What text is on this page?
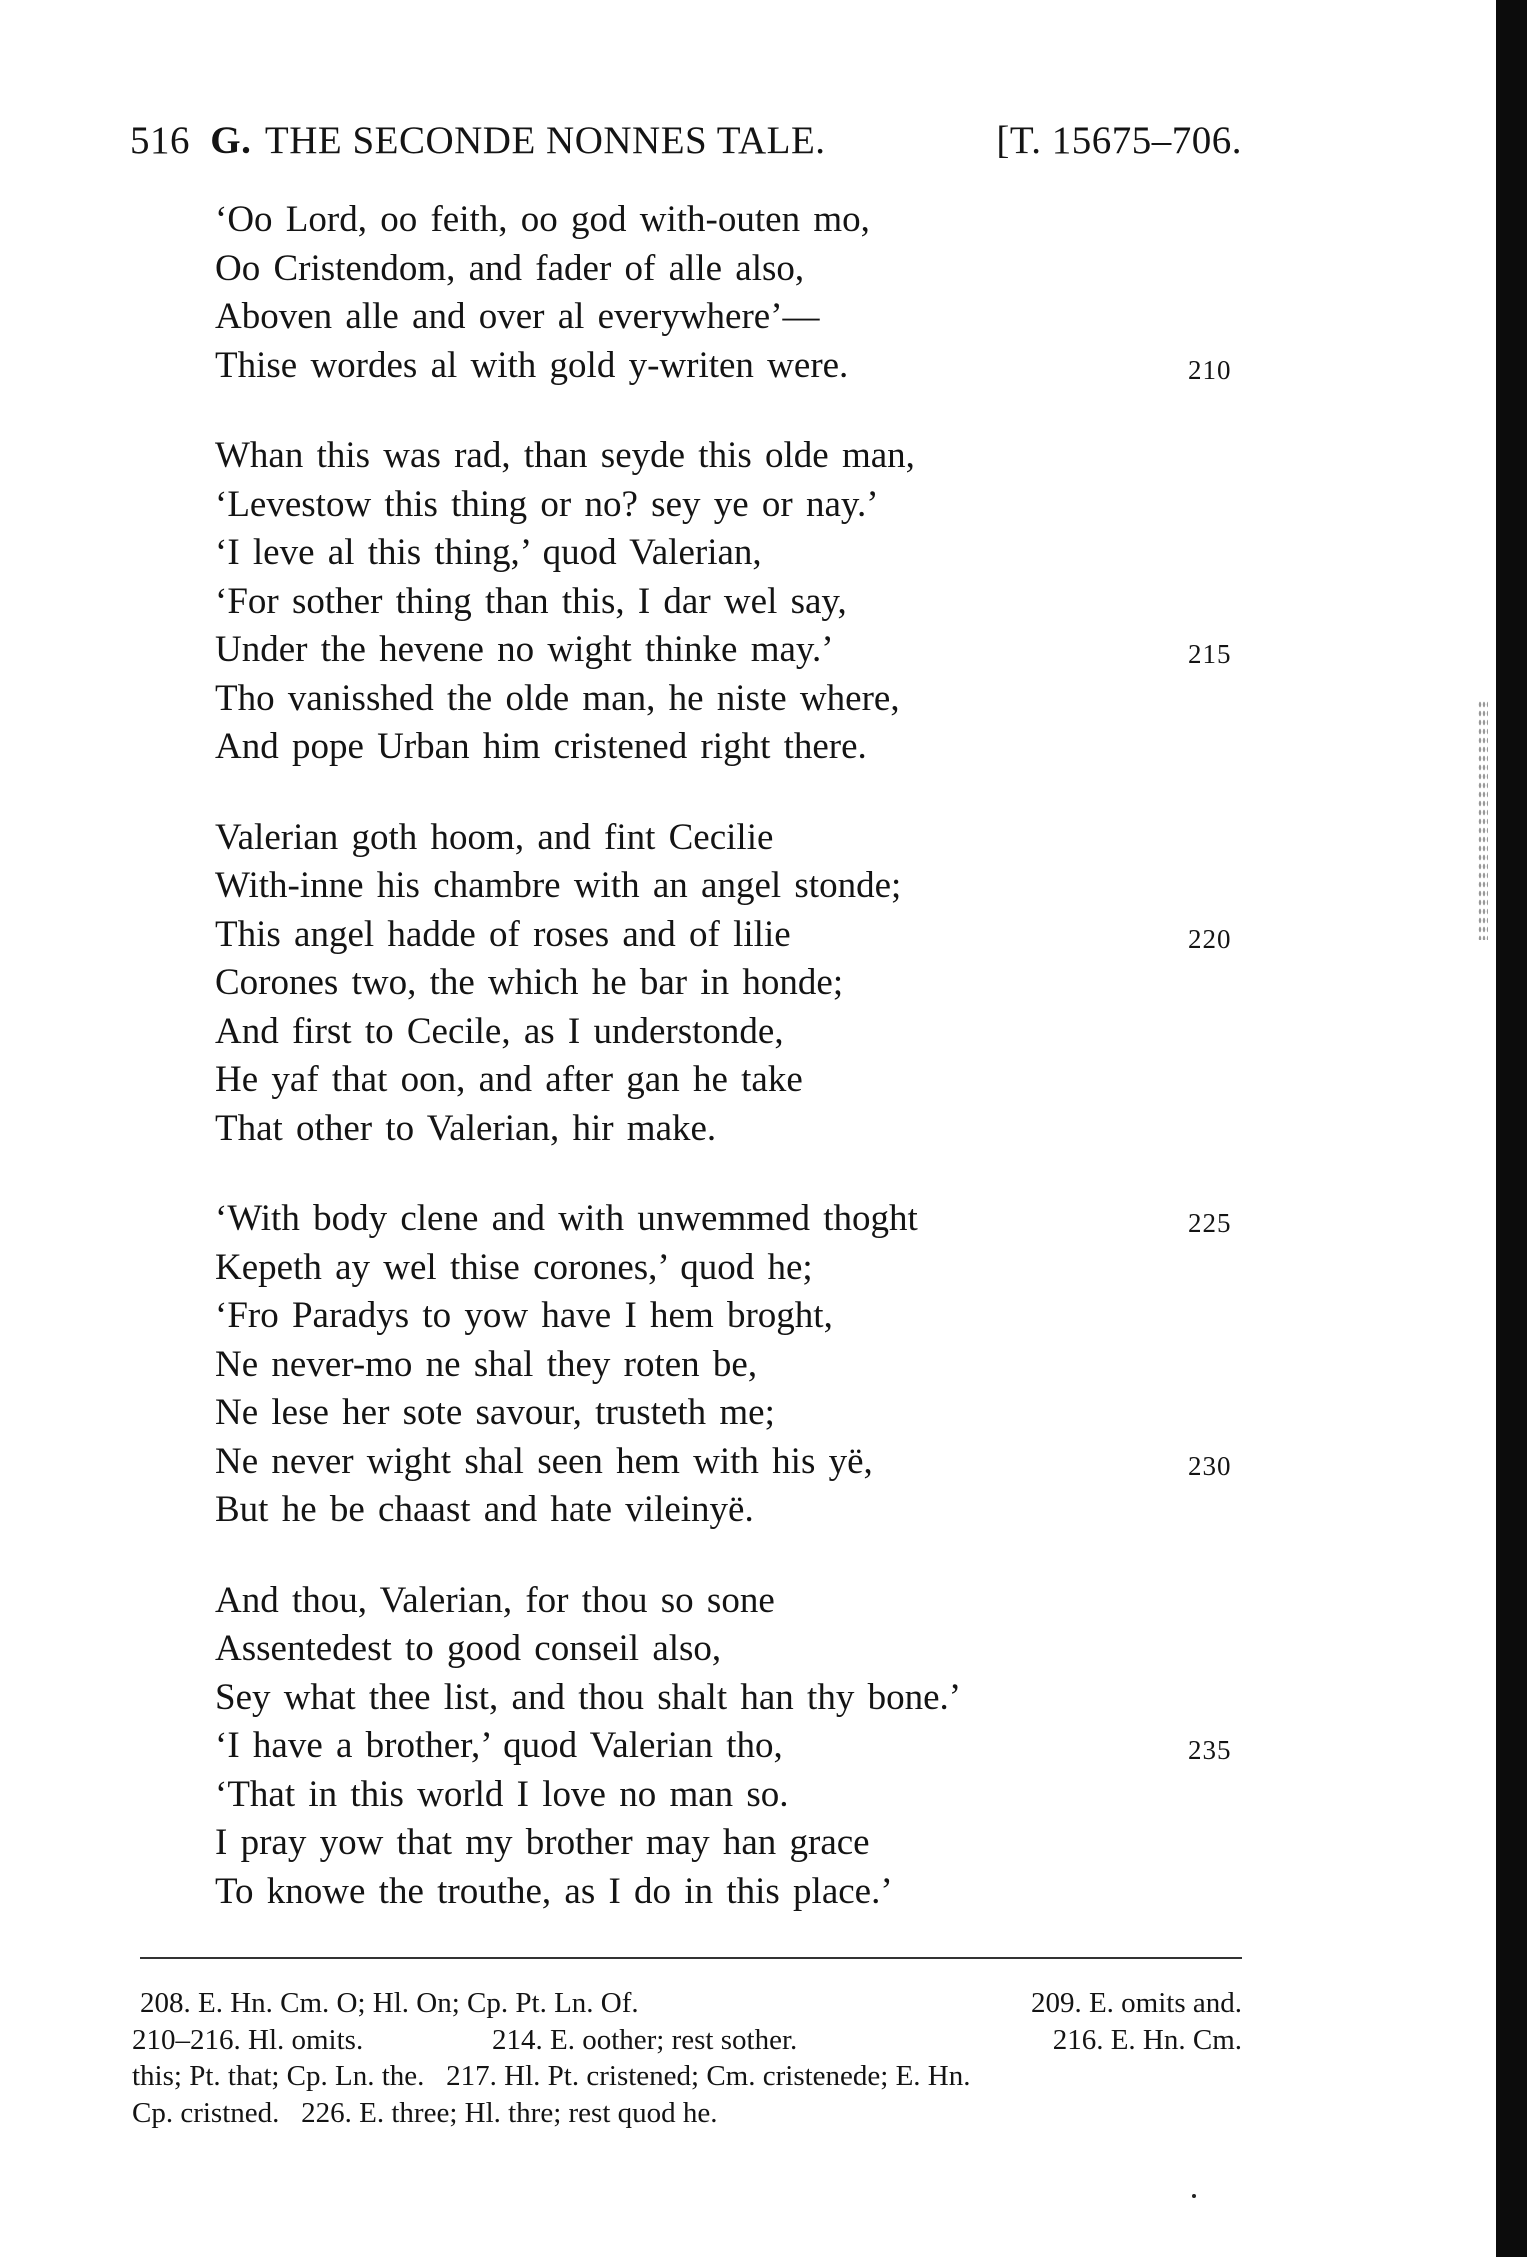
516 G. THE SECONDE NONNES TALE.	[T. 15675–706.
‘Oo Lord, oo feith, oo god with-outen mo,
Oo Cristendom, and fader of alle also,
Aboven alle and over al everywhere’—
Thise wordes al with gold y-writen were.	210
Whan this was rad, than seyde this olde man,
‘Levestow this thing or no? sey ye or nay.’
‘I leve al this thing,’ quod Valerian,
‘For sother thing than this, I dar wel say,
Under the hevene no wight thinke may.’	215
Tho vanisshed the olde man, he niste where,
And pope Urban him cristened right there.
Valerian goth hoom, and fint Cecilie
With-inne his chambre with an angel stonde;
This angel hadde of roses and of lilie	220
Corones two, the which he bar in honde;
And first to Cecile, as I understonde,
He yaf that oon, and after gan he take
That other to Valerian, hir make.
‘With body clene and with unwemmed thoght	225
Kepeth ay wel thise corones,’ quod he;
‘Fro Paradys to yow have I hem broght,
Ne never-mo ne shal they roten be,
Ne lese her sote savour, trusteth me;
Ne never wight shal seen hem with his yë,	230
But he be chaast and hate vileinyë.
And thou, Valerian, for thou so sone
Assentedest to good conseil also,
Sey what thee list, and thou shalt han thy bone.’
‘I have a brother,’ quod Valerian tho,	235
‘That in this world I love no man so.
I pray yow that my brother may han grace
To knowe the trouthe, as I do in this place.’
208. E. Hn. Cm. O; Hl. On; Cp. Pt. Ln. Of.	209. E. omits and.
210–216. Hl. omits.	214. E. oother; rest sother.	216. E. Hn. Cm.
this; Pt. that; Cp. Ln. the.   217. Hl. Pt. cristened; Cm. cristenede; E. Hn.
Cp. cristned.   226. E. three; Hl. thre; rest quod he.
